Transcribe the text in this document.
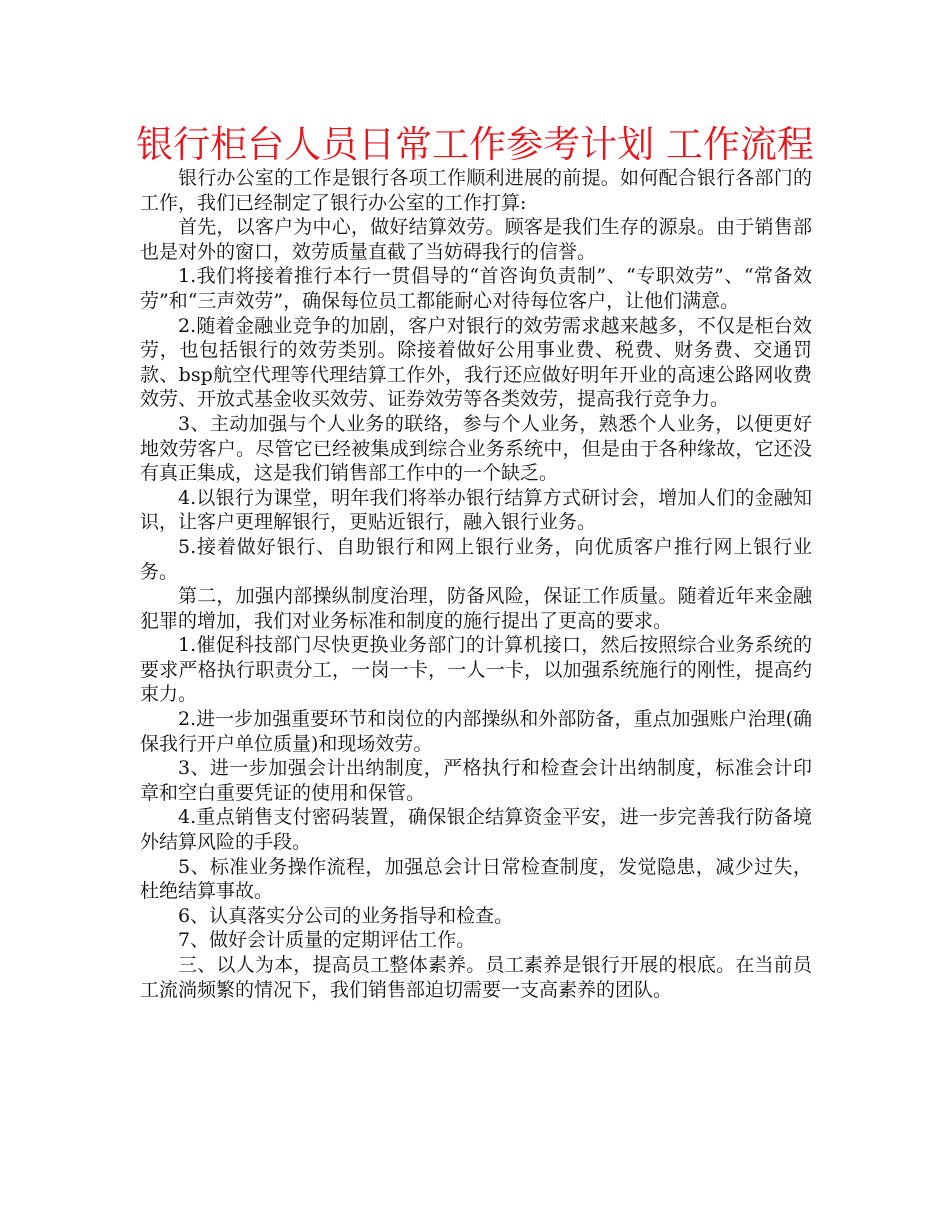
银行柜台人员日常工作参考计划 工作流程

银行办公室的工作是银行各项工作顺利进展的前提。如何配合银行各部门的工作，我们已经制定了银行办公室的工作打算:

首先，以客户为中心，做好结算效劳。顾客是我们生存的源泉。由于销售部也是对外的窗口，效劳质量直截了当妨碍我行的信誉。

1.我们将接着推行本行一贯倡导的“首咨询负责制”、“专职效劳”、“常备效劳”和“三声效劳”，确保每位员工都能耐心对待每位客户，让他们满意。

2.随着金融业竞争的加剧，客户对银行的效劳需求越来越多，不仅是柜台效劳，也包括银行的效劳类别。除接着做好公用事业费、税费、财务费、交通罚款、bsp航空代理等代理结算工作外，我行还应做好明年开业的高速公路网收费效劳、开放式基金收买效劳、证券效劳等各类效劳，提高我行竞争力。

3、主动加强与个人业务的联络，参与个人业务，熟悉个人业务，以便更好地效劳客户。尽管它已经被集成到综合业务系统中，但是由于各种缘故，它还没有真正集成，这是我们销售部工作中的一个缺乏。

4.以银行为课堂，明年我们将举办银行结算方式研讨会，增加人们的金融知识，让客户更理解银行，更贴近银行，融入银行业务。

5.接着做好银行、自助银行和网上银行业务，向优质客户推行网上银行业务。

第二，加强内部操纵制度治理，防备风险，保证工作质量。随着近年来金融犯罪的增加，我们对业务标准和制度的施行提出了更高的要求。

1.催促科技部门尽快更换业务部门的计算机接口，然后按照综合业务系统的要求严格执行职责分工，一岗一卡，一人一卡，以加强系统施行的刚性，提高约束力。

2.进一步加强重要环节和岗位的内部操纵和外部防备，重点加强账户治理(确保我行开户单位质量)和现场效劳。

3、进一步加强会计出纳制度，严格执行和检查会计出纳制度，标准会计印章和空白重要凭证的使用和保管。

4.重点销售支付密码装置，确保银企结算资金平安，进一步完善我行防备境外结算风险的手段。

5、标准业务操作流程，加强总会计日常检查制度，发觉隐患，减少过失，杜绝结算事故。

6、认真落实分公司的业务指导和检查。

7、做好会计质量的定期评估工作。

三、以人为本，提高员工整体素养。员工素养是银行开展的根底。在当前员工流淌频繁的情况下，我们销售部迫切需要一支高素养的团队。
